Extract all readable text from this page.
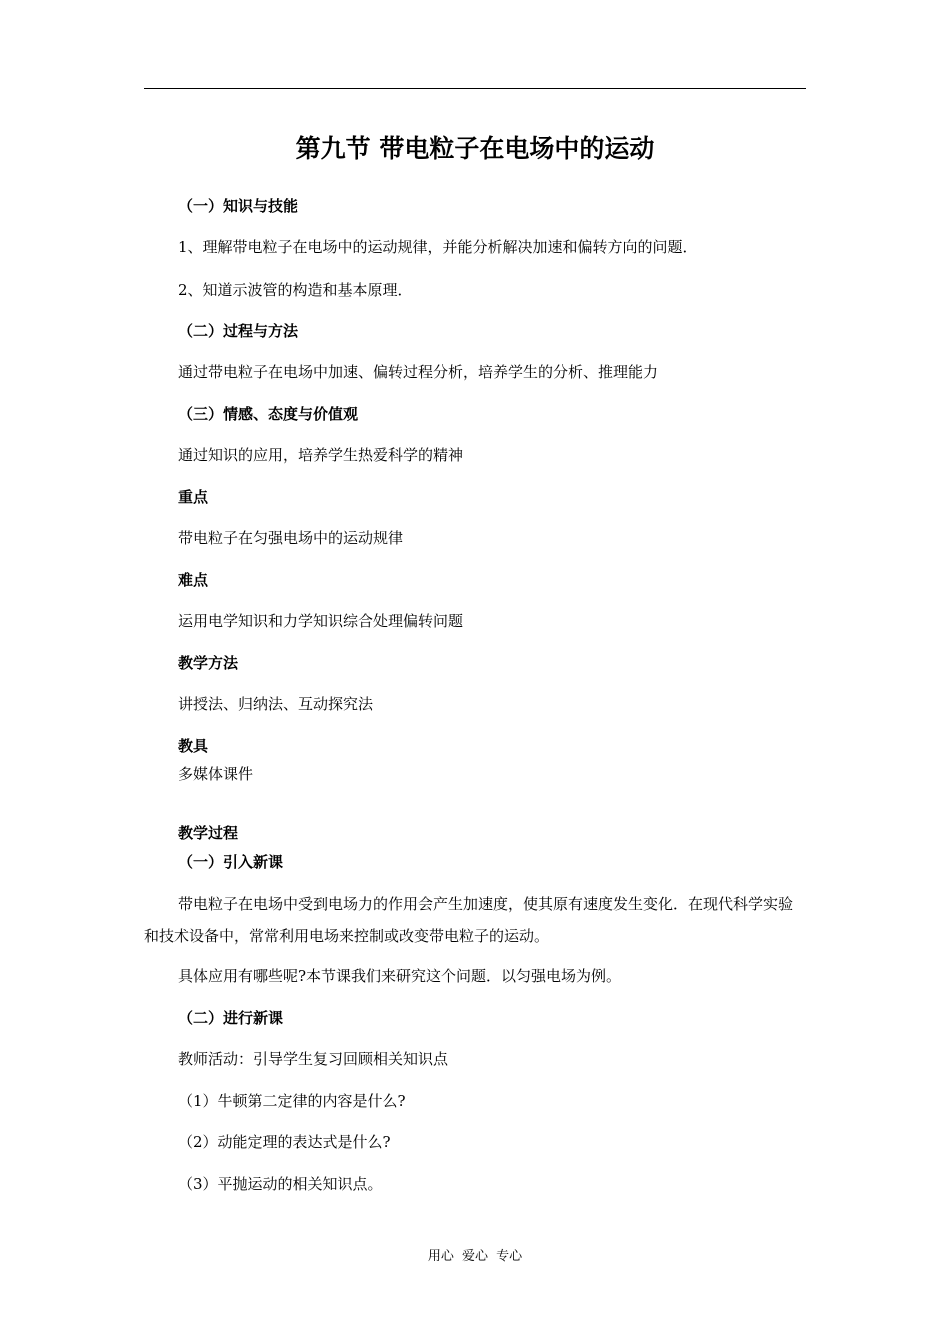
第九节 带电粒子在电场中的运动

（一）知识与技能

1、理解带电粒子在电场中的运动规律，并能分析解决加速和偏转方向的问题．

2、知道示波管的构造和基本原理．

（二）过程与方法

通过带电粒子在电场中加速、偏转过程分析，培养学生的分析、推理能力

（三）情感、态度与价值观

通过知识的应用，培养学生热爱科学的精神

重点

带电粒子在匀强电场中的运动规律

难点

运用电学知识和力学知识综合处理偏转问题

教学方法

讲授法、归纳法、互动探究法

教具

多媒体课件

教学过程

（一）引入新课

带电粒子在电场中受到电场力的作用会产生加速度，使其原有速度发生变化．在现代科学实验和技术设备中，常常利用电场来控制或改变带电粒子的运动。

具体应用有哪些呢?本节课我们来研究这个问题．以匀强电场为例。

（二）进行新课

教师活动：引导学生复习回顾相关知识点

（1）牛顿第二定律的内容是什么?

（2）动能定理的表达式是什么?

（3）平抛运动的相关知识点。

用心 爱心 专心
